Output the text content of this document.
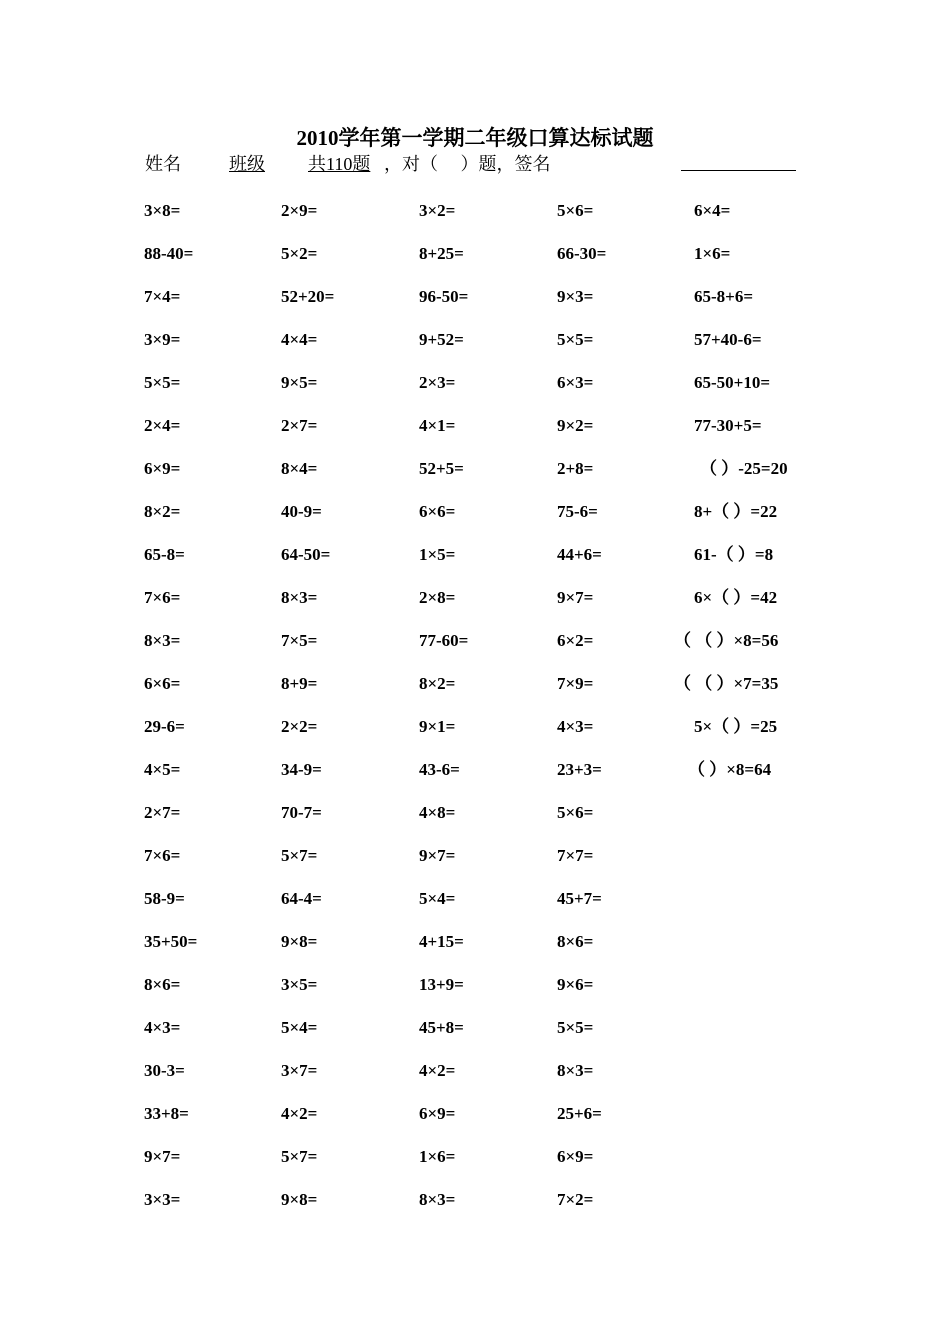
2010学年第一学期二年级口算达标试题
姓名	班级 共110题 ，对（　 ）题，签名
3×8=
88-40=
7×4=
3×9=
5×5=
2×4=
6×9=
8×2=
65-8=
7×6=
8×3=
6×6=
29-6=
4×5=
2×7=
7×6=
58-9=
35+50=
8×6=
4×3=
30-3=
33+8=
9×7=
3×3=
2×9=
5×2=
52+20=
4×4=
9×5=
2×7=
8×4=
40-9=
64-50=
8×3=
7×5=
8+9=
2×2=
34-9=
70-7=
5×7=
64-4=
9×8=
3×5=
5×4=
3×7=
4×2=
5×7=
9×8=
3×2=
8+25=
96-50=
9+52=
2×3=
4×1=
52+5=
6×6=
1×5=
2×8=
77-60=
8×2=
9×1=
43-6=
4×8=
9×7=
5×4=
4+15=
13+9=
45+8=
4×2=
6×9=
1×6=
8×3=
5×6=
66-30=
9×3=
5×5=
6×3=
9×2=
2+8=
75-6=
44+6=
9×7=
6×2=
7×9=
4×3=
23+3=
5×6=
7×7=
45+7=
8×6=
9×6=
5×5=
8×3=
25+6=
6×9=
7×2=
6×4=
1×6=
65-8+6=
57+40-6=
65-50+10=
77-30+5=
（ ）-25=20
8+（ ）=22
61-（ ）=8
6×（ ）=42
（ （ ）×8=56
（ （ ）×7=35
5×（ ）=25
（ ）×8=64
